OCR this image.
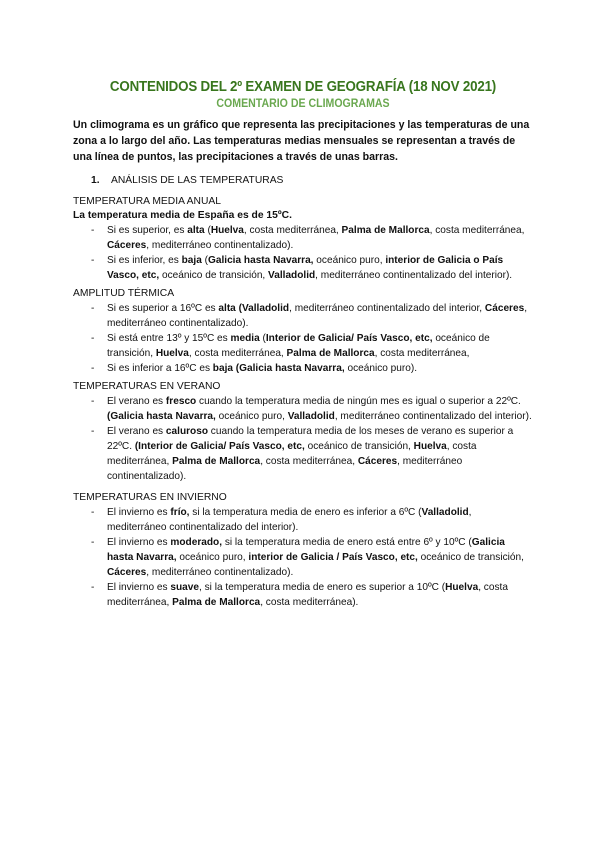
CONTENIDOS DEL 2º EXAMEN DE GEOGRAFÍA (18 NOV 2021)
COMENTARIO DE CLIMOGRAMAS
Un climograma es un gráfico que representa las precipitaciones y las temperaturas de una zona a lo largo del año. Las temperaturas medias mensuales se representan a través de una línea de puntos, las precipitaciones a través de unas barras.
1. ANÁLISIS DE LAS TEMPERATURAS
TEMPERATURA MEDIA ANUAL
La temperatura media de España es de 15ºC.
- Si es superior, es alta (Huelva, costa mediterránea, Palma de Mallorca, costa mediterránea, Cáceres, mediterráneo continentalizado).
- Si es inferior, es baja (Galicia hasta Navarra, oceánico puro, interior de Galicia o País Vasco, etc, oceánico de transición, Valladolid, mediterráneo continentalizado del interior).
AMPLITUD TÉRMICA
- Si es superior a 16ºC es alta (Valladolid, mediterráneo continentalizado del interior, Cáceres, mediterráneo continentalizado).
- Si está entre 13º y 15ºC es media (Interior de Galicia/ País Vasco, etc, oceánico de transición, Huelva, costa mediterránea, Palma de Mallorca, costa mediterránea,
- Si es inferior a 16ºC es baja (Galicia hasta Navarra, oceánico puro).
TEMPERATURAS EN VERANO
- El verano es fresco cuando la temperatura media de ningún mes es igual o superior a 22ºC. (Galicia hasta Navarra, oceánico puro, Valladolid, mediterráneo continentalizado del interior).
- El verano es caluroso cuando la temperatura media de los meses de verano es superior a 22ºC. (Interior de Galicia/ País Vasco, etc, oceánico de transición, Huelva, costa mediterránea, Palma de Mallorca, costa mediterránea, Cáceres, mediterráneo continentalizado).
TEMPERATURAS EN INVIERNO
- El invierno es frío, si la temperatura media de enero es inferior a 6ºC (Valladolid, mediterráneo continentalizado del interior).
- El invierno es moderado, si la temperatura media de enero está entre 6º y 10ºC (Galicia hasta Navarra, oceánico puro, interior de Galicia / País Vasco, etc, oceánico de transición, Cáceres, mediterráneo continentalizado).
- El invierno es suave, si la temperatura media de enero es superior a 10ºC (Huelva, costa mediterránea, Palma de Mallorca, costa mediterránea).
